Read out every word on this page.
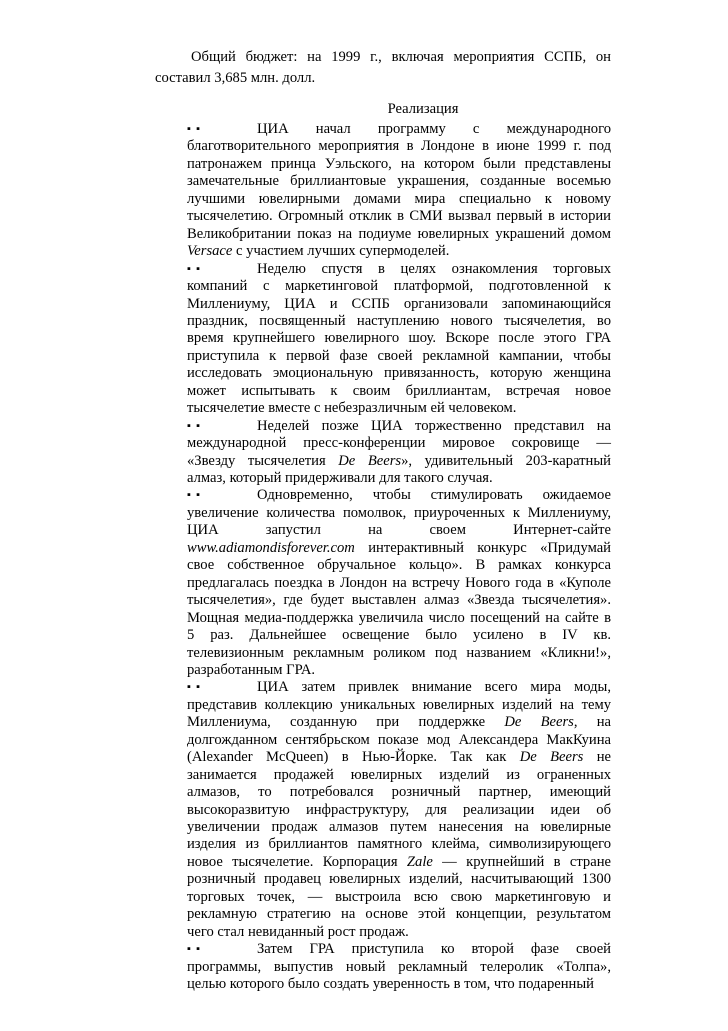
Общий бюджет: на 1999 г., включая мероприятия ССПБ, он
составил 3,685 млн. долл.
Реализация
▪▪	ЦИА начал программу с международного
благотворительного мероприятия в Лондоне в июне 1999 г. под
патронажем принца Уэльского, на котором были представлены
замечательные бриллиантовые украшения, созданные восемью
лучшими ювелирными домами мира специально к новому
тысячелетию. Огромный отклик в СМИ вызвал первый в истории
Великобритании показ на подиуме ювелирных украшений домом
Versace с участием лучших супермоделей.
▪▪	Неделю спустя в целях ознакомления торговых
компаний с маркетинговой платформой, подготовленной к
Миллениуму, ЦИА и ССПБ организовали запоминающийся
праздник, посвященный наступлению нового тысячелетия, во
время крупнейшего ювелирного шоу. Вскоре после этого ГРА
приступила к первой фазе своей рекламной кампании, чтобы
исследовать эмоциональную привязанность, которую женщина
может испытывать к своим бриллиантам, встречая новое
тысячелетие вместе с небезразличным ей человеком.
▪▪	Неделей позже ЦИА торжественно представил на
международной пресс-конференции мировое сокровище —
«Звезду тысячелетия De Beers», удивительный 203-каратный
алмаз, который придерживали для такого случая.
▪▪	Одновременно, чтобы стимулировать ожидаемое
увеличение количества помолвок, приуроченных к Миллениуму,
ЦИА запустил на своем Интернет-сайте
www.adiamondisforever.com интерактивный конкурс «Придумай
свое собственное обручальное кольцо». В рамках конкурса
предлагалась поездка в Лондон на встречу Нового года в «Куполе
тысячелетия», где будет выставлен алмаз «Звезда тысячелетия».
Мощная медиа-поддержка увеличила число посещений на сайте в
5 раз. Дальнейшее освещение было усилено в IV кв.
телевизионным рекламным роликом под названием «Кликни!»,
разработанным ГРА.
▪▪	ЦИА затем привлек внимание всего мира моды,
представив коллекцию уникальных ювелирных изделий на тему
Миллениума, созданную при поддержке De Beers, на
долгожданном сентябрьском показе мод Александера МакКуина
(Alexander McQueen) в Нью-Йорке. Так как De Beers не
занимается продажей ювелирных изделий из ограненных
алмазов, то потребовался розничный партнер, имеющий
высокоразвитую инфраструктуру, для реализации идеи об
увеличении продаж алмазов путем нанесения на ювелирные
изделия из бриллиантов памятного клейма, символизирующего
новое тысячелетие. Корпорация Zale — крупнейший в стране
розничный продавец ювелирных изделий, насчитывающий 1300
торговых точек, — выстроила всю свою маркетинговую и
рекламную стратегию на основе этой концепции, результатом
чего стал невиданный рост продаж.
▪▪	Затем ГРА приступила ко второй фазе своей
программы, выпустив новый рекламный телеролик «Толпа»,
целью которого было создать уверенность в том, что подаренный
